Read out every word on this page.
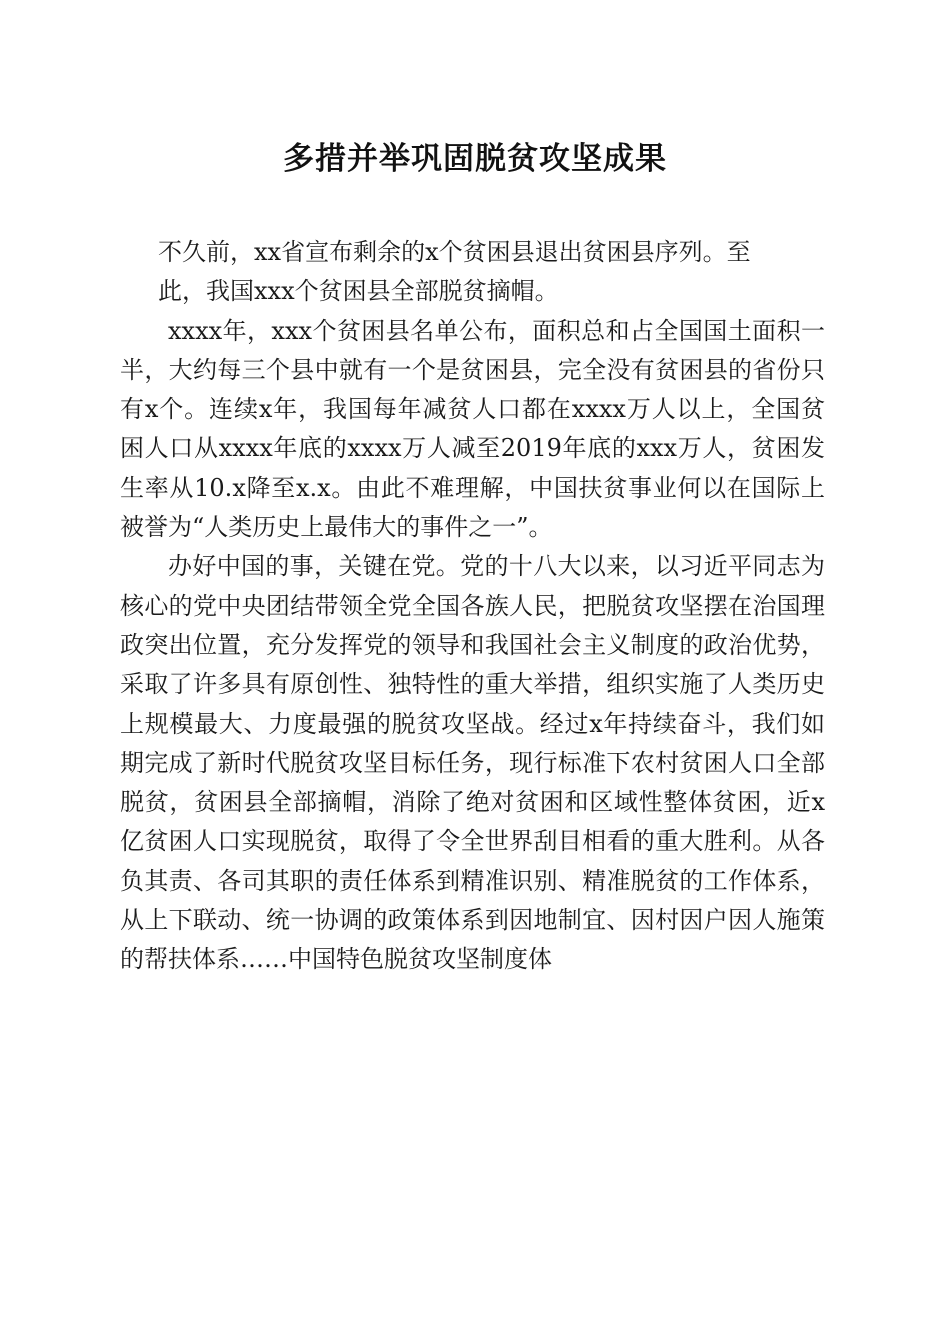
多措并举巩固脱贫攻坚成果

不久前，xx省宣布剩余的x个贫困县退出贫困县序列。至
此，我国xxx个贫困县全部脱贫摘帽。

xxxx年，xxx个贫困县名单公布，面积总和占全国国土面积一半，大约每三个县中就有一个是贫困县，完全没有贫困县的省份只有x个。连续x年，我国每年减贫人口都在xxxx万人以上，全国贫困人口从xxxx年底的xxxx万人减至2019年底的xxx万人，贫困发生率从10.x降至x.x。由此不难理解，中国扶贫事业何以在国际上被誉为“人类历史上最伟大的事件之一”。

办好中国的事，关键在党。党的十八大以来，以习近平同志为核心的党中央团结带领全党全国各族人民，把脱贫攻坚摆在治国理政突出位置，充分发挥党的领导和我国社会主义制度的政治优势，采取了许多具有原创性、独特性的重大举措，组织实施了人类历史上规模最大、力度最强的脱贫攻坚战。经过x年持续奋斗，我们如期完成了新时代脱贫攻坚目标任务，现行标准下农村贫困人口全部脱贫，贫困县全部摘帽，消除了绝对贫困和区域性整体贫困，近x亿贫困人口实现脱贫，取得了令全世界刮目相看的重大胜利。从各负其责、各司其职的责任体系到精准识别、精准脱贫的工作体系，从上下联动、统一协调的政策体系到因地制宜、因村因户因人施策的帮扶体系……中国特色脱贫攻坚制度体
